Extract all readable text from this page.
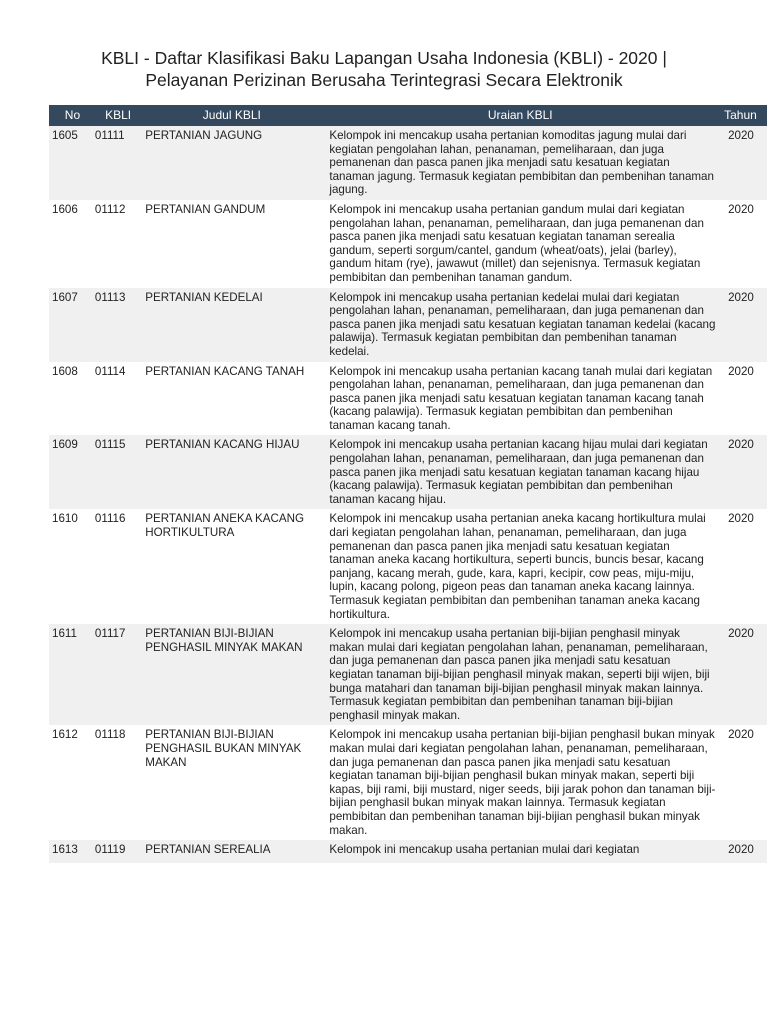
KBLI - Daftar Klasifikasi Baku Lapangan Usaha Indonesia (KBLI) - 2020 |
Pelayanan Perizinan Berusaha Terintegrasi Secara Elektronik
No	KBLI	Judul KBLI	Uraian KBLI	Tahun
1605	01111	PERTANIAN JAGUNG	Kelompok ini mencakup usaha pertanian komoditas jagung mulai dari kegiatan pengolahan lahan, penanaman, pemeliharaan, dan juga pemanenan dan pasca panen jika menjadi satu kesatuan kegiatan tanaman jagung. Termasuk kegiatan pembibitan dan pembenihan tanaman jagung.	2020
1606	01112	PERTANIAN GANDUM	Kelompok ini mencakup usaha pertanian gandum mulai dari kegiatan pengolahan lahan, penanaman, pemeliharaan, dan juga pemanenan dan pasca panen jika menjadi satu kesatuan kegiatan tanaman serealia gandum, seperti sorgum/cantel, gandum (wheat/oats), jelai (barley), gandum hitam (rye), jawawut (millet) dan sejenisnya. Termasuk kegiatan pembibitan dan pembenihan tanaman gandum.	2020
1607	01113	PERTANIAN KEDELAI	Kelompok ini mencakup usaha pertanian kedelai mulai dari kegiatan pengolahan lahan, penanaman, pemeliharaan, dan juga pemanenan dan pasca panen jika menjadi satu kesatuan kegiatan tanaman kedelai (kacang palawija). Termasuk kegiatan pembibitan dan pembenihan tanaman kedelai.	2020
1608	01114	PERTANIAN KACANG TANAH	Kelompok ini mencakup usaha pertanian kacang tanah mulai dari kegiatan pengolahan lahan, penanaman, pemeliharaan, dan juga pemanenan dan pasca panen jika menjadi satu kesatuan kegiatan tanaman kacang tanah (kacang palawija). Termasuk kegiatan pembibitan dan pembenihan tanaman kacang tanah.	2020
1609	01115	PERTANIAN KACANG HIJAU	Kelompok ini mencakup usaha pertanian kacang hijau mulai dari kegiatan pengolahan lahan, penanaman, pemeliharaan, dan juga pemanenan dan pasca panen jika menjadi satu kesatuan kegiatan tanaman kacang hijau (kacang palawija). Termasuk kegiatan pembibitan dan pembenihan tanaman kacang hijau.	2020
1610	01116	PERTANIAN ANEKA KACANG HORTIKULTURA	Kelompok ini mencakup usaha pertanian aneka kacang hortikultura mulai dari kegiatan pengolahan lahan, penanaman, pemeliharaan, dan juga pemanenan dan pasca panen jika menjadi satu kesatuan kegiatan tanaman aneka kacang hortikultura, seperti buncis, buncis besar, kacang panjang, kacang merah, gude, kara, kapri, kecipir, cow peas, miju-miju, lupin, kacang polong, pigeon peas dan tanaman aneka kacang lainnya. Termasuk kegiatan pembibitan dan pembenihan tanaman aneka kacang hortikultura.	2020
1611	01117	PERTANIAN BIJI-BIJIAN PENGHASIL MINYAK MAKAN	Kelompok ini mencakup usaha pertanian biji-bijian penghasil minyak makan mulai dari kegiatan pengolahan lahan, penanaman, pemeliharaan, dan juga pemanenan dan pasca panen jika menjadi satu kesatuan kegiatan tanaman biji-bijian penghasil minyak makan, seperti biji wijen, biji bunga matahari dan tanaman biji-bijian penghasil minyak makan lainnya. Termasuk kegiatan pembibitan dan pembenihan tanaman biji-bijian penghasil minyak makan.	2020
1612	01118	PERTANIAN BIJI-BIJIAN PENGHASIL BUKAN MINYAK MAKAN	Kelompok ini mencakup usaha pertanian biji-bijian penghasil bukan minyak makan mulai dari kegiatan pengolahan lahan, penanaman, pemeliharaan, dan juga pemanenan dan pasca panen jika menjadi satu kesatuan kegiatan tanaman biji-bijian penghasil bukan minyak makan, seperti biji kapas, biji rami, biji mustard, niger seeds, biji jarak pohon dan tanaman biji-bijian penghasil bukan minyak makan lainnya. Termasuk kegiatan pembibitan dan pembenihan tanaman biji-bijian penghasil bukan minyak makan.	2020
1613	01119	PERTANIAN SEREALIA	Kelompok ini mencakup usaha pertanian mulai dari kegiatan	2020
